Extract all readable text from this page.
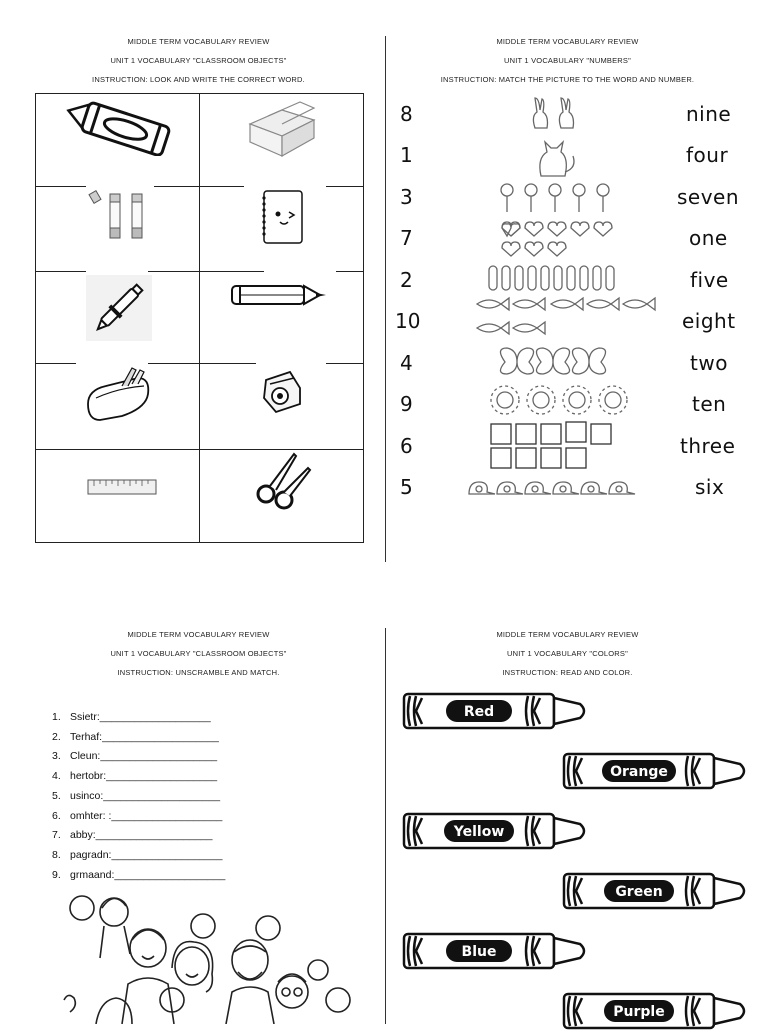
MIDDLE TERM VOCABULARY REVIEW
UNIT 1 VOCABULARY "CLASSROOM OBJECTS"
INSTRUCTION: LOOK AND WRITE THE CORRECT WORD.
MIDDLE TERM VOCABULARY REVIEW
UNIT 1 VOCABULARY "NUMBERS"
INSTRUCTION: MATCH THE PICTURE TO THE WORD AND NUMBER.
8
1
3
7
2
10
4
9
6
5
nine
four
seven
one
five
eight
two
ten
three
six
MIDDLE TERM VOCABULARY REVIEW
UNIT 1 VOCABULARY "CLASSROOM OBJECTS"
INSTRUCTION: UNSCRAMBLE AND MATCH.
1. Ssietr:___________________
2. Terhaf:____________________
3. Cleun:____________________
4. hertobr:___________________
5. usinco:____________________
6. omhter: :___________________
7. abby:____________________
8. pagradn:___________________
9. grmaand:___________________
MIDDLE TERM VOCABULARY REVIEW
UNIT 1 VOCABULARY "COLORS"
INSTRUCTION: READ AND COLOR.
Red
Orange
Yellow
Green
Blue
Purple
